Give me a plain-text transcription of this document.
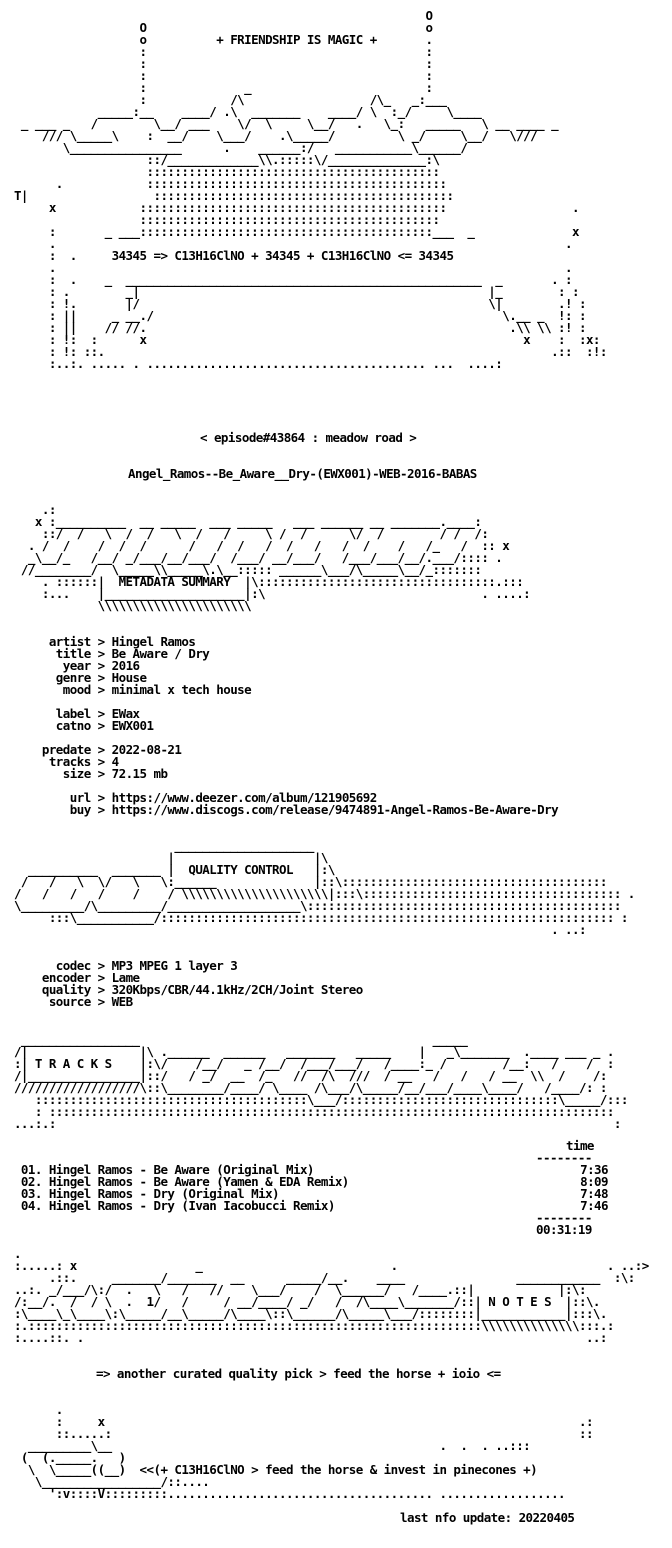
O
O                                        o
o          + FRIENDSHIP IS MAGIC +       .
:                                        :
:                                        :
:                                        :
:              _                         :
:            /\                  /\_   _:___
_____:__    ____/ .\  _______    ____/ \  :_/     \____
_ ___ _   /        \__/ ___    \/  \     \__/   .   \_:   _____   \ __ ____ _
/// \_____\    :  __/    \___/    .\_____/         \ _/     \__/   \///
\________________      .    ______:/   ___________\______/
::/_____________\\.:::::\/______________:\
::::::::::::::::::::::::::::::::::::::::::
.            :::::::::::::::::::::::::::::::::::::::::::
T|                  :::::::::::::::::::::::::::::::::::::::::::
x            ::::::::::::::::::::::::::::::::::::::::::::                  .
:::::::::::::::::::::::::::::::::::::::::::
:       _ ___::::::::::::::::::::::::::::::::::::::::::___  _              x
.                                                                         .
:  .     34345 => C13H16ClNO + 34345 + C13H16ClNO <= 34345
.                                                                         .
:  .    _  ___________________________________________________  _       . :
: .        _|                                                  |_        : :
: !.       |/                                                  \|        .! :
: ||     _ __./                                                  \.__ _  !: :
: ||    // //.                                                    .\\ \\ :! :
: !:  :      x                                                      x    :  :x:
: !: ::.                                                                .::  :!:
:..:. ..... . ........................................ ...  ....:
< episode#43864 : meadow road >
Angel_Ramos--Be_Aware__Dry-(EWX001)-WEB-2016-BABAS
.:
x :__________  __ _____  ___ _____   ___ ______ __ _______.____:
::/  /   \  /  /   \  /   /     \ /  /      \/  /        / /  /:
. /  /    /  /  /      /   /  /   /  /   /   /  /    /   /_   /  :: x
_\__/_   /__/ _/___/__/___/  /___/ __/___/   /___/___/__/.___/:::: .
//________/  \_____\\_____\.\__::::: ______\___/\_____\__/_:::::::
. ::::::|  METADATA SUMMARY  |\::::::::::::::::::::::::::::::::::.:::
:...    |____________________|:\                               . ....:
\\\\\\\\\\\\\\\\\\\\\\
artist > Hingel Ramos
title > Be Aware / Dry
year > 2016
genre > House
mood > minimal x tech house

label > EWax
catno > EWX001

predate > 2022-08-21
tracks > 4
size > 72.15 mb

url > https://www.deezer.com/album/121905692
buy > https://www.discogs.com/release/9474891-Angel-Ramos-Be-Aware-Dry
____________________
|                    |\
__________  _______ |  QUALITY CONTROL   |:\
/   /   \  \/   \   \:______              |::\::::::::::::::::::::::::::::::::::::::
/   /   /   /    /    / \\\\\\\\\\\\\\\\\\\\\|:::\::::::::::::::::::::::::::::::::::::: .
\_________/\_________/___________________\:::::::::::::::::::::::::::::::::::::::::::::
:::\___________/::::::::::::::::::::::::::::::::::::::::::::::::::::::::::::::::: :
. ..:
codec > MP3 MPEG 1 layer 3
encoder > Lame
quality > 320Kbps/CBR/44.1kHz/2CH/Joint Stereo
source > WEB
_________________                                          _____
/|                |\ .______  ______   _______   _____    |   _\_______  .____ ___ _ .
:| T R A C K S    |:\/    /__/   _ /__/  /___/___/   /____:_ /        /__:   /    /  :
/|________________|::/   / _/  __  /_   //  /\  ///  / __   /   /   / __  \\  /    /:
//////////////////\::\________/____/ \____ /\___/\_____/__/___/____\____/   /____/: :
:::::::::::::::::::::::::::::::::::::::\___/:::::::::::::::::::::::::::::::\_____/:::
: :::::::::::::::::::::::::::::::::::::::::::::::::::::::::::::::::::::::::::::::::
...:.:                                                                                :
time
--------
01. Hingel Ramos - Be Aware (Original Mix)	7:36
02. Hingel Ramos - Be Aware (Yamen & EDA Remix)	8:09
03. Hingel Ramos - Dry (Original Mix)	7:48
04. Hingel Ramos - Dry (Ivan Iacobucci Remix)	7:46
--------
00:31:19
.
:.....: x                 _                           .                              . ..:>
.::.     _______/_______  __      _____/__.    ____                ____________  :\:
..:. _/___/\:/  .   \   /   //    \___/    /  \______/   /____.::|            |:\:
/:__/.  /  / \  .  1/   /     / __/____/ _/   /  /\____\_______/::| N O T E S  |::\.
:\____\_\____\:\_____/__\_____/\____\::\______/\_____\___/::::::::|____________|:::\.
:.:::::::::::::::::::::::::::::::::::::::::::::::::::::::::::::::::\\\\\\\\\\\\\\:::.:
:....::. .                                                                        ..:
=> another curated quality pick > feed the horse + ioio <=
.
:     x                                                                    .:
::.....:                                                                   ::
_________\__                                               .  .  . ..:::
(  (._____.   )
\  \_____((__)  <<(+ C13H16ClNO > feed the horse & invest in pinecones +)
\_________________/::....
':v::::V:::::::::...................................... ..................
last nfo update: 20220405
